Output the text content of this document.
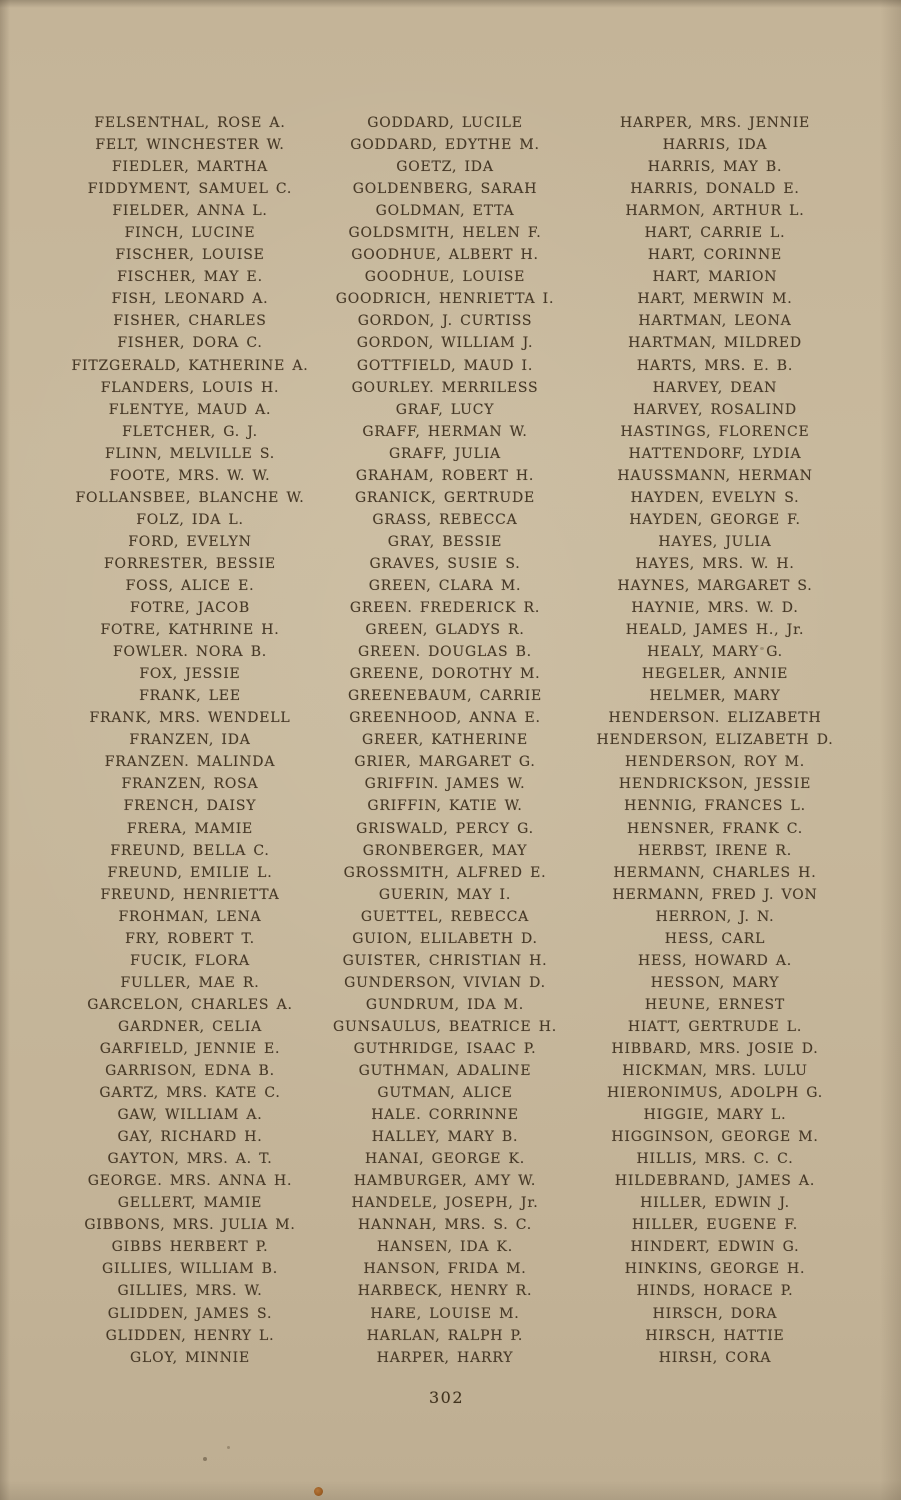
FELSENTHAL, ROSE A.
FELT, WINCHESTER W.
FIEDLER, MARTHA
FIDDYMENT, SAMUEL C.
FIELDER, ANNA L.
FINCH, LUCINE
FISCHER, LOUISE
FISCHER, MAY E.
FISH, LEONARD A.
FISHER, CHARLES
FISHER, DORA C.
FITZGERALD, KATHERINE A.
FLANDERS, LOUIS H.
FLENTYE, MAUD A.
FLETCHER, G. J.
FLINN, MELVILLE S.
FOOTE, MRS. W. W.
FOLLANSBEE, BLANCHE W.
FOLZ, IDA L.
FORD, EVELYN
FORRESTER, BESSIE
FOSS, ALICE E.
FOTRE, JACOB
FOTRE, KATHRINE H.
FOWLER. NORA B.
FOX, JESSIE
FRANK, LEE
FRANK, MRS. WENDELL
FRANZEN, IDA
FRANZEN. MALINDA
FRANZEN, ROSA
FRENCH, DAISY
FRERA, MAMIE
FREUND, BELLA C.
FREUND, EMILIE L.
FREUND, HENRIETTA
FROHMAN, LENA
FRY, ROBERT T.
FUCIK, FLORA
FULLER, MAE R.
GARCELON, CHARLES A.
GARDNER, CELIA
GARFIELD, JENNIE E.
GARRISON, EDNA B.
GARTZ, MRS. KATE C.
GAW, WILLIAM A.
GAY, RICHARD H.
GAYTON, MRS. A. T.
GEORGE. MRS. ANNA H.
GELLERT, MAMIE
GIBBONS, MRS. JULIA M.
GIBBS HERBERT P.
GILLIES, WILLIAM B.
GILLIES, MRS. W.
GLIDDEN, JAMES S.
GLIDDEN, HENRY L.
GLOY, MINNIE
GODDARD, LUCILE
GODDARD, EDYTHE M.
GOETZ, IDA
GOLDENBERG, SARAH
GOLDMAN, ETTA
GOLDSMITH, HELEN F.
GOODHUE, ALBERT H.
GOODHUE, LOUISE
GOODRICH, HENRIETTA I.
GORDON, J. CURTISS
GORDON, WILLIAM J.
GOTTFIELD, MAUD I.
GOURLEY. MERRILESS
GRAF, LUCY
GRAFF, HERMAN W.
GRAFF, JULIA
GRAHAM, ROBERT H.
GRANICK, GERTRUDE
GRASS, REBECCA
GRAY, BESSIE
GRAVES, SUSIE S.
GREEN, CLARA M.
GREEN. FREDERICK R.
GREEN, GLADYS R.
GREEN. DOUGLAS B.
GREENE, DOROTHY M.
GREENEBAUM, CARRIE
GREENHOOD, ANNA E.
GREER, KATHERINE
GRIER, MARGARET G.
GRIFFIN. JAMES W.
GRIFFIN, KATIE W.
GRISWALD, PERCY G.
GRONBERGER, MAY
GROSSMITH, ALFRED E.
GUERIN, MAY I.
GUETTEL, REBECCA
GUION, ELILABETH D.
GUISTER, CHRISTIAN H.
GUNDERSON, VIVIAN D.
GUNDRUM, IDA M.
GUNSAULUS, BEATRICE H.
GUTHRIDGE, ISAAC P.
GUTHMAN, ADALINE
GUTMAN, ALICE
HALE. CORRINNE
HALLEY, MARY B.
HANAI, GEORGE K.
HAMBURGER, AMY W.
HANDELE, JOSEPH, Jr.
HANNAH, MRS. S. C.
HANSEN, IDA K.
HANSON, FRIDA M.
HARBECK, HENRY R.
HARE, LOUISE M.
HARLAN, RALPH P.
HARPER, HARRY
HARPER, MRS. JENNIE
HARRIS, IDA
HARRIS, MAY B.
HARRIS, DONALD E.
HARMON, ARTHUR L.
HART, CARRIE L.
HART, CORINNE
HART, MARION
HART, MERWIN M.
HARTMAN, LEONA
HARTMAN, MILDRED
HARTS, MRS. E. B.
HARVEY, DEAN
HARVEY, ROSALIND
HASTINGS, FLORENCE
HATTENDORF, LYDIA
HAUSSMANN, HERMAN
HAYDEN, EVELYN S.
HAYDEN, GEORGE F.
HAYES, JULIA
HAYES, MRS. W. H.
HAYNES, MARGARET S.
HAYNIE, MRS. W. D.
HEALD, JAMES H., Jr.
HEALY, MARY G.
HEGELER, ANNIE
HELMER, MARY
HENDERSON. ELIZABETH
HENDERSON, ELIZABETH D.
HENDERSON, ROY M.
HENDRICKSON, JESSIE
HENNIG, FRANCES L.
HENSNER, FRANK C.
HERBST, IRENE R.
HERMANN, CHARLES H.
HERMANN, FRED J. VON
HERRON, J. N.
HESS, CARL
HESS, HOWARD A.
HESSON, MARY
HEUNE, ERNEST
HIATT, GERTRUDE L.
HIBBARD, MRS. JOSIE D.
HICKMAN, MRS. LULU
HIERONIMUS, ADOLPH G.
HIGGIE, MARY L.
HIGGINSON, GEORGE M.
HILLIS, MRS. C. C.
HILDEBRAND, JAMES A.
HILLER, EDWIN J.
HILLER, EUGENE F.
HINDERT, EDWIN G.
HINKINS, GEORGE H.
HINDS, HORACE P.
HIRSCH, DORA
HIRSCH, HATTIE
HIRSH, CORA
302
